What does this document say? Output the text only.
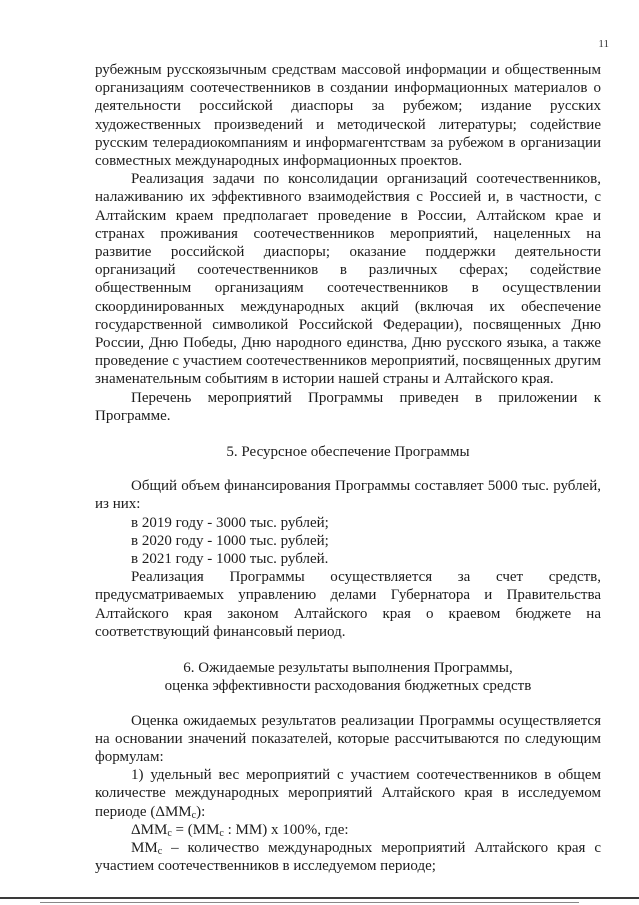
11

рубежным русскоязычным средствам массовой информации и общественным организациям соотечественников в создании информационных материалов о деятельности российской диаспоры за рубежом; издание русских художественных произведений и методической литературы; содействие русским телерадиокомпаниям и информагентствам за рубежом в организации совместных международных информационных проектов.

Реализация задачи по консолидации организаций соотечественников, налаживанию их эффективного взаимодействия с Россией и, в частности, с Алтайским краем предполагает проведение в России, Алтайском крае и странах проживания соотечественников мероприятий, нацеленных на развитие российской диаспоры; оказание поддержки деятельности организаций соотечественников в различных сферах; содействие общественным организациям соотечественников в осуществлении скоординированных международных акций (включая их обеспечение государственной символикой Российской Федерации), посвященных Дню России, Дню Победы, Дню народного единства, Дню русского языка, а также проведение с участием соотечественников мероприятий, посвященных другим знаменательным событиям в истории нашей страны и Алтайского края.

Перечень мероприятий Программы приведен в приложении к Программе.

5. Ресурсное обеспечение Программы

Общий объем финансирования Программы составляет 5000 тыс. рублей, из них:

в 2019 году - 3000 тыс. рублей;

в 2020 году - 1000 тыс. рублей;

в 2021 году - 1000 тыс. рублей.

Реализация Программы осуществляется за счет средств, предусматриваемых управлению делами Губернатора и Правительства Алтайского края законом Алтайского края о краевом бюджете на соответствующий финансовый период.

6. Ожидаемые результаты выполнения Программы,

оценка эффективности расходования бюджетных средств

Оценка ожидаемых результатов реализации Программы осуществляется на основании значений показателей, которые рассчитываются по следующим формулам:

1) удельный вес мероприятий с участием соотечественников в общем количестве международных мероприятий Алтайского края в исследуемом периоде $(\Delta MM_с)$:

$\Delta MM_с = (MM_с$ : MM) x 100%, где:

$MM_с$ – количество международных мероприятий Алтайского края с участием соотечественников в исследуемом периоде;
